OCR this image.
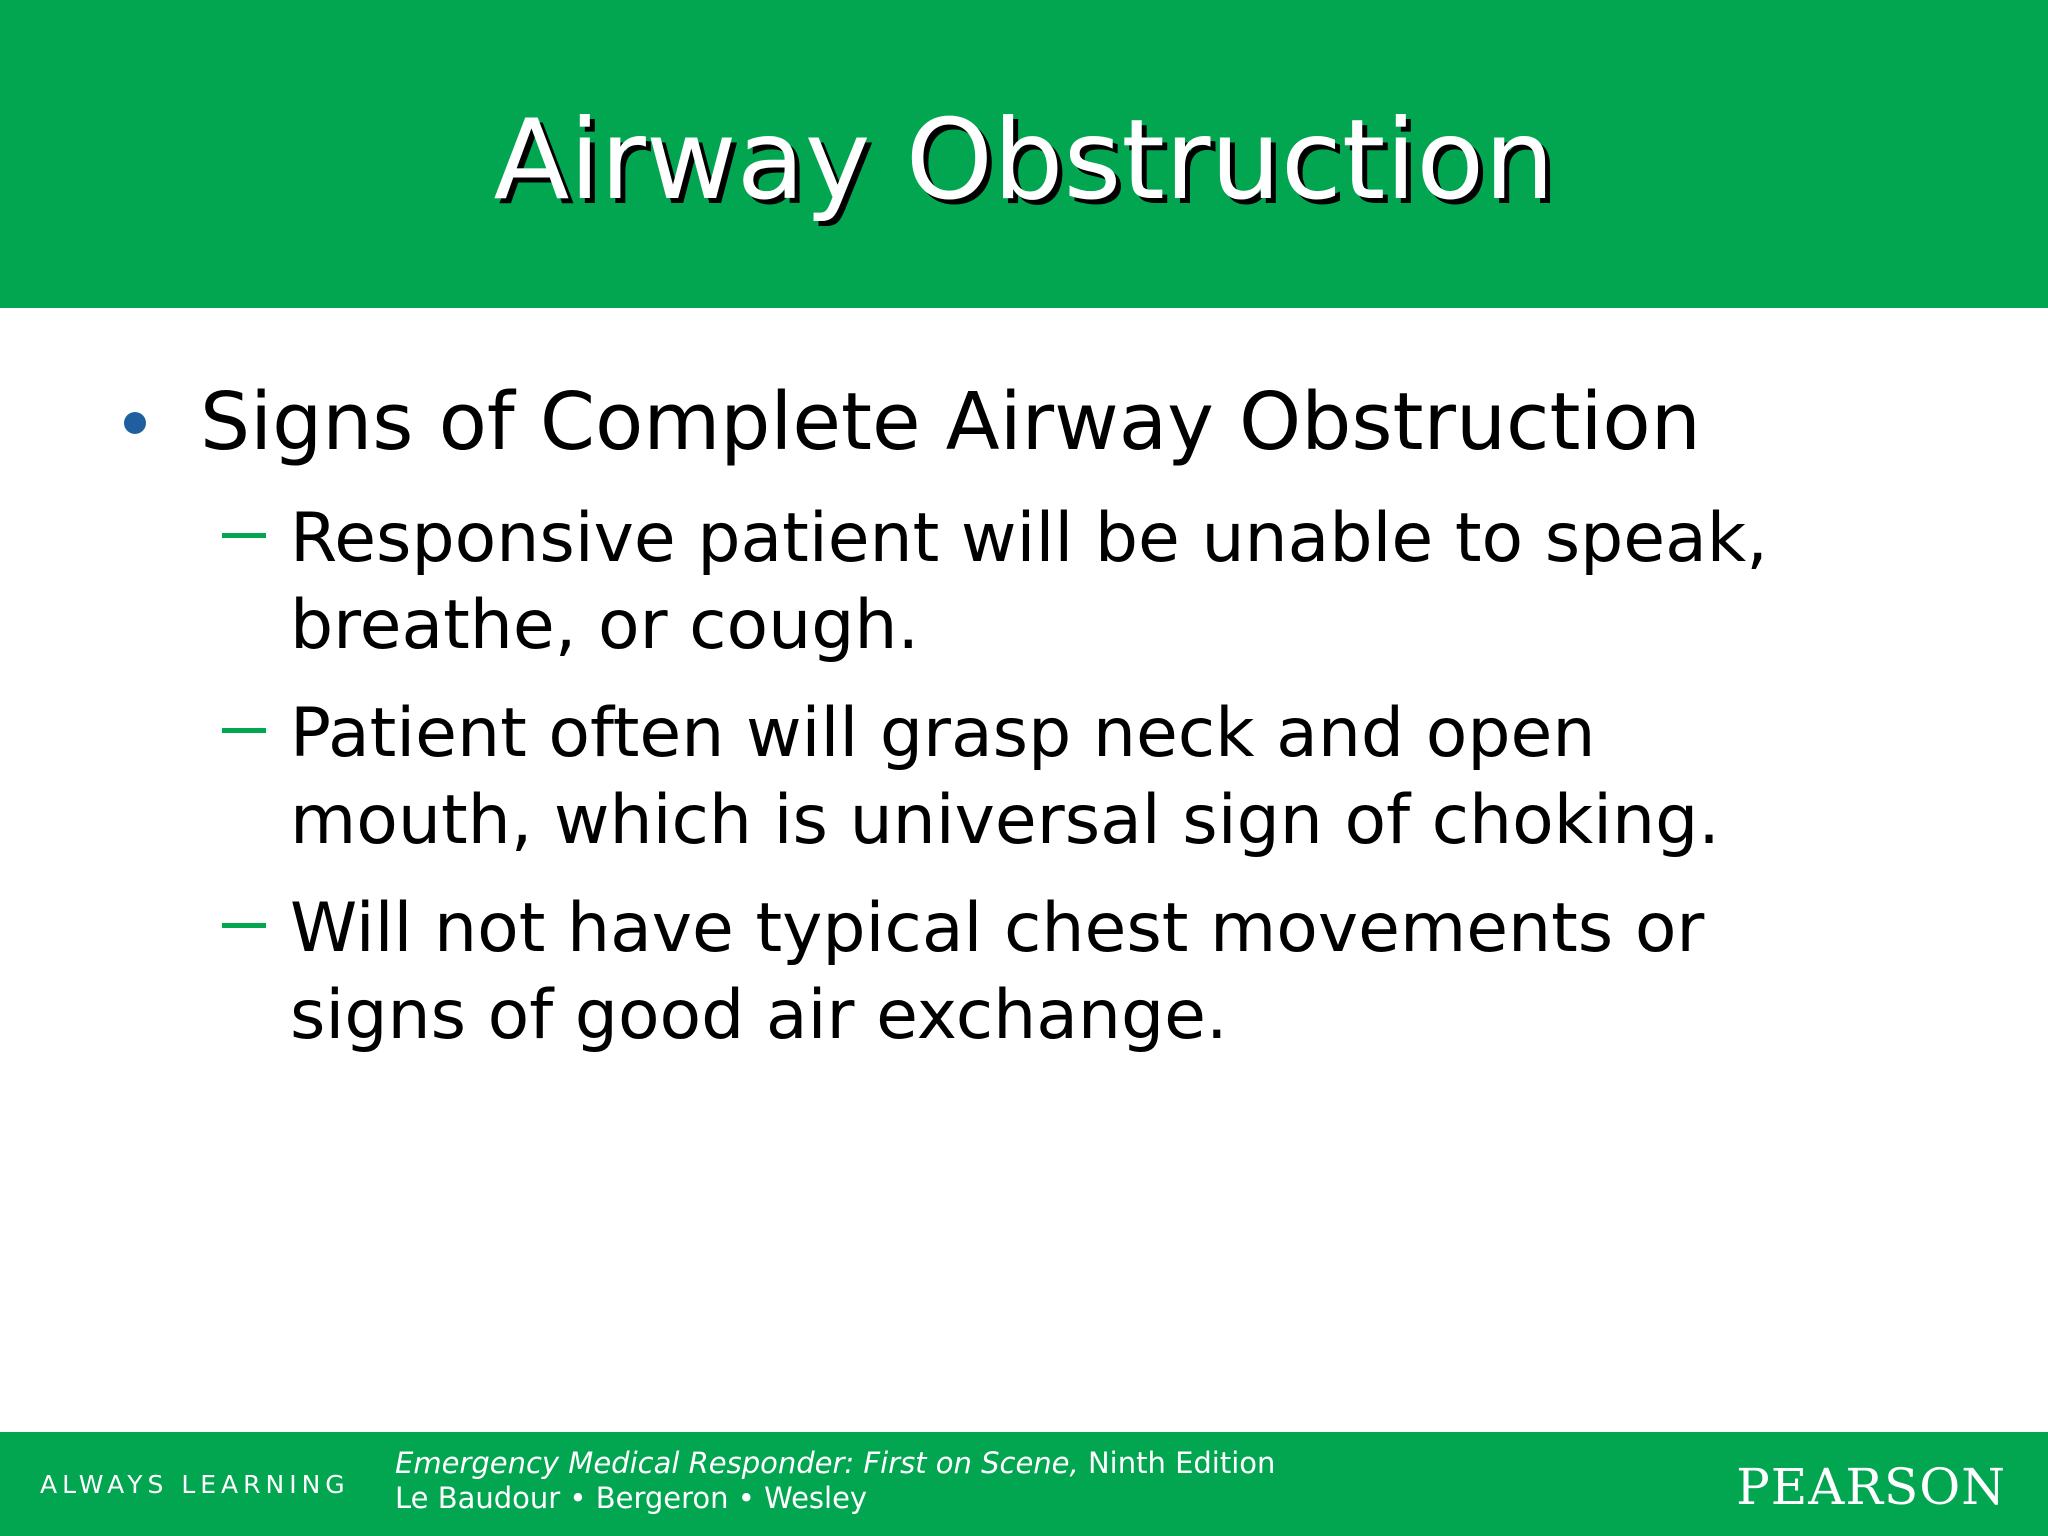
Airway Obstruction
Signs of Complete Airway Obstruction
Responsive patient will be unable to speak,
breathe, or cough.
Patient often will grasp neck and open
mouth, which is universal sign of choking.
Will not have typical chest movements or
signs of good air exchange.
ALWAYS LEARNING
Emergency Medical Responder: First on Scene, Ninth Edition
Le Baudour • Bergeron • Wesley	PEARSON
